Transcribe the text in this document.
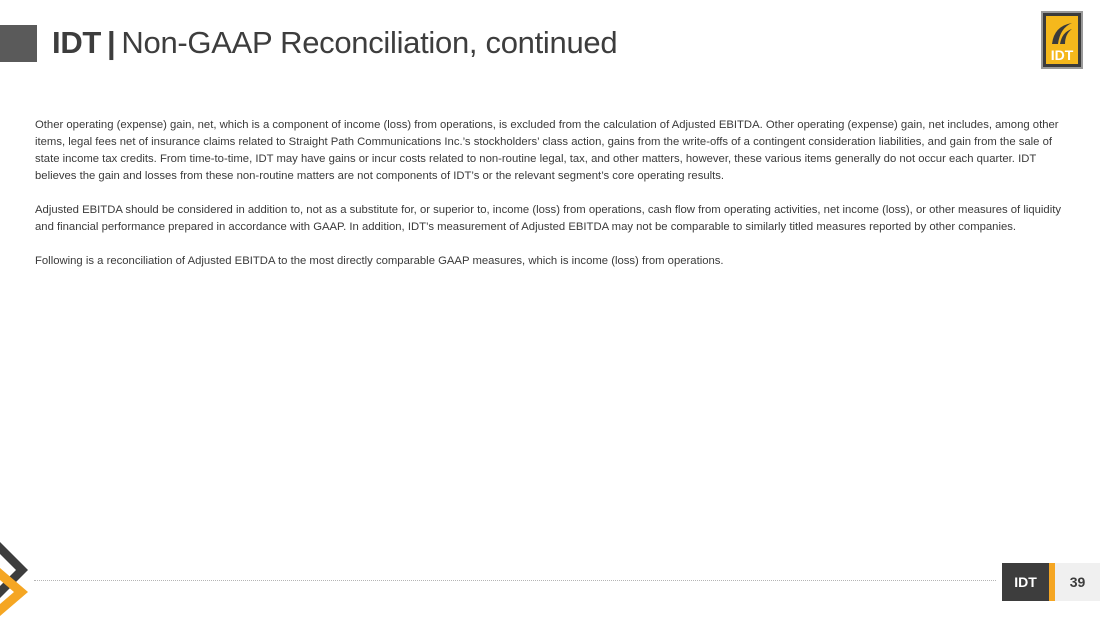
IDT | Non-GAAP Reconciliation, continued	IDT

Other operating (expense) gain, net, which is a component of income (loss) from operations, is excluded from the calculation of Adjusted EBITDA. Other operating (expense) gain, net includes, among other items, legal fees net of insurance claims related to Straight Path Communications Inc.’s stockholders’ class action, gains from the write-offs of a contingent consideration liabilities, and gain from the sale of state income tax credits. From time-to-time, IDT may have gains or incur costs related to non-routine legal, tax, and other matters, however, these various items generally do not occur each quarter. IDT believes the gain and losses from these non-routine matters are not components of IDT’s or the relevant segment’s core operating results.

Adjusted EBITDA should be considered in addition to, not as a substitute for, or superior to, income (loss) from operations, cash flow from operating activities, net income (loss), or other measures of liquidity and financial performance prepared in accordance with GAAP. In addition, IDT’s measurement of Adjusted EBITDA may not be comparable to similarly titled measures reported by other companies.

Following is a reconciliation of Adjusted EBITDA to the most directly comparable GAAP measures, which is income (loss) from operations.

IDT	39
